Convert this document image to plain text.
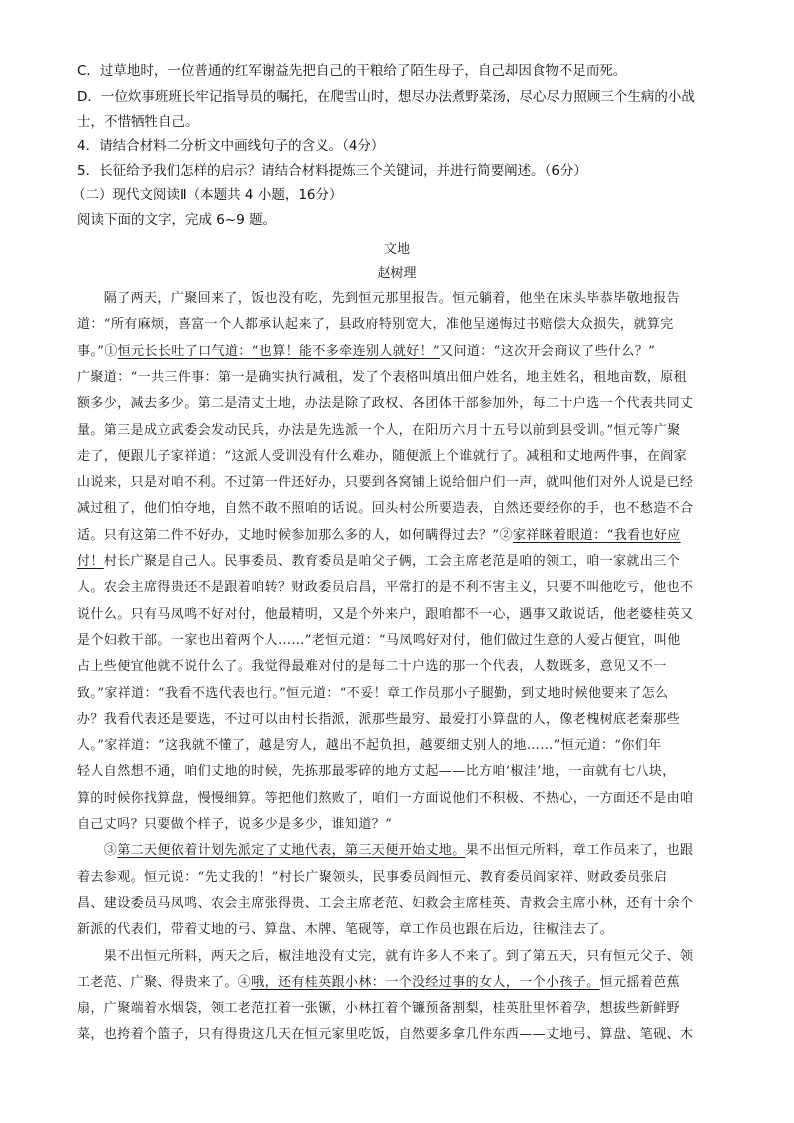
C．过草地时，一位普通的红军谢益先把自己的干粮给了陌生母子，自己却因食物不足而死。
D．一位炊事班班长牢记指导员的嘱托，在爬雪山时，想尽办法煮野菜汤，尽心尽力照顾三个生病的小战
士，不惜牺牲自己。
4．请结合材料二分析文中画线句子的含义。（4分）
5．长征给予我们怎样的启示？请结合材料提炼三个关键词，并进行简要阐述。（6分）
（二）现代文阅读Ⅱ（本题共 4 小题，16分）
阅读下面的文字，完成 6~9 题。
文地
赵树理
　　隔了两天，广聚回来了，饭也没有吃，先到恒元那里报告。恒元躺着，他坐在床头毕恭毕敬地报告
道：“所有麻烦，喜富一个人都承认起来了，县政府特别宽大，准他呈递悔过书赔偿大众损失，就算完
事。”①恒元长长吐了口气道：“也算！能不多牵连别人就好！”又问道：“这次开会商议了些什么？”
广聚道：“一共三件事：第一是确实执行减租，发了个表格叫填出佃户姓名，地主姓名，租地亩数，原租
额多少，减去多少。第二是清丈土地，办法是除了政权、各团体干部参加外，每二十户选一个代表共同丈
量。第三是成立武委会发动民兵，办法是先选派一个人，在阳历六月十五号以前到县受训。”恒元等广聚
走了，便跟儿子家祥道：“这派人受训没有什么难办，随便派上个谁就行了。减租和丈地两件事，在阎家
山说来，只是对咱不利。不过第一件还好办，只要到各窝铺上说给佃户们一声，就叫他们对外人说是已经
减过租了，他们怕夺地，自然不敢不照咱的话说。回头村公所要造表，自然还要经你的手，也不愁造不合
适。只有这第二件不好办，丈地时候参加那么多的人，如何瞒得过去？”②家祥眯着眼道：“我看也好应
付！村长广聚是自己人。民事委员、教育委员是咱父子俩，工会主席老范是咱的领工，咱一家就出三个
人。农会主席得贵还不是跟着咱转？财政委员启昌，平常打的是不利不害主义，只要不叫他吃亏，他也不
说什么。只有马凤鸣不好对付，他最精明，又是个外来户，跟咱都不一心，遇事又敢说话，他老婆桂英又
是个妇救干部。一家也出着两个人……”老恒元道：“马凤鸣好对付，他们做过生意的人爱占便宜，叫他
占上些便宜他就不说什么了。我觉得最难对付的是每二十户选的那一个代表，人数既多，意见又不一
致。”家祥道：“我看不选代表也行。”恒元道：“不妥！章工作员那小子腿勤，到丈地时候他要来了怎么
办？我看代表还是要选，不过可以由村长指派，派那些最穷、最爱打小算盘的人，像老槐树底老秦那些
人。”家祥道：“这我就不懂了，越是穷人，越出不起负担，越要细丈别人的地……”恒元道：“你们年
轻人自然想不通，咱们丈地的时候，先拣那最零碎的地方丈起——比方咱‘椒洼’地，一亩就有七八块，
算的时候你找算盘，慢慢细算。等把他们熬败了，咱们一方面说他们不积极、不热心，一方面还不是由咱
自己丈吗？只要做个样子，说多少是多少，谁知道？”
　　③第二天便依着计划先派定了丈地代表，第三天便开始丈地。果不出恒元所料，章工作员来了，也跟
着去参观。恒元说：“先丈我的！”村长广聚领头，民事委员阎恒元、教育委员阎家祥、财政委员张启
昌、建设委员马凤鸣、农会主席张得贵、工会主席老范、妇救会主席桂英、青救会主席小林，还有十余个
新派的代表们，带着丈地的弓、算盘、木牌、笔砚等，章工作员也跟在后边，往椒洼去了。
　　果不出恒元所料，两天之后，椒洼地没有丈完，就有许多人不来了。到了第五天，只有恒元父子、领
工老范、广聚、得贵来了。④哦，还有桂英跟小林：一个没经过事的女人，一个小孩子。恒元摇着芭蕉
扇，广聚端着水烟袋，领工老范扛着一张镢，小林扛着个镰预备割梨，桂英肚里怀着孕，想拔些新鲜野
菜，也挎着个篮子，只有得贵这几天在恒元家里吃饭，自然要多拿几件东西——丈地弓、算盘、笔砚、木
